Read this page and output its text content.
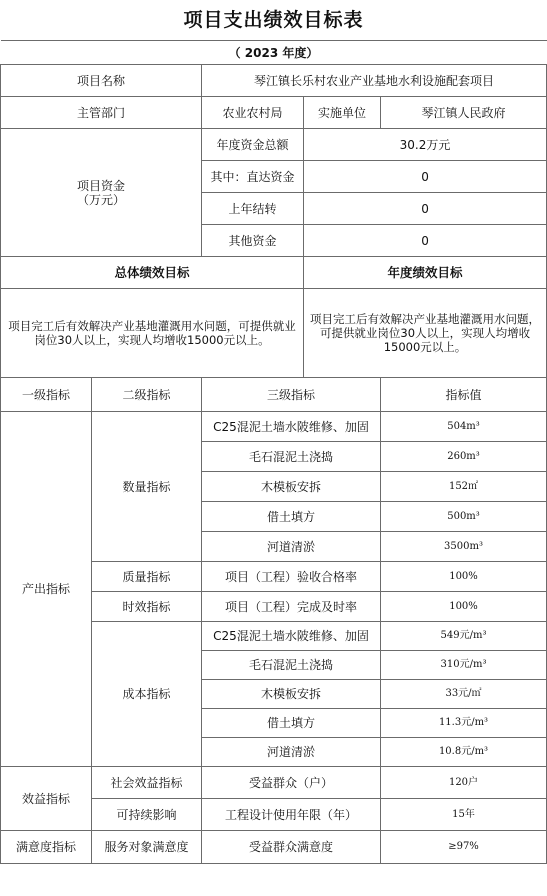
项目支出绩效目标表
（ 2023 年度）				
项目名称		琴江镇长乐村农业产业基地水利设施配套项目		
主管部门		农业农村局	实施单位	琴江镇人民政府
项目资金
（万元）		年度资金总额	30.2万元	
		其中：直达资金	0	
		上年结转	0	
		其他资金	0	
总体绩效目标			年度绩效目标	
项目完工后有效解决产业基地灌溉用水问题，可提供就业岗位30人以上，实现人均增收15000元以上。			项目完工后有效解决产业基地灌溉用水问题，可提供就业岗位30人以上，实现人均增收15000元以上。	
一级指标	二级指标	三级指标		指标值
产出指标	数量指标	C25混泥土墙水陂维修、加固		504m³
		毛石混泥土浇捣		260m³
		木模板安拆		152㎡
		借土填方		500m³
		河道清淤		3500m³
	质量指标	项目（工程）验收合格率		100%
	时效指标	项目（工程）完成及时率		100%
	成本指标	C25混泥土墙水陂维修、加固		549元/m³
		毛石混泥土浇捣		310元/m³
		木模板安拆		33元/㎡
		借土填方		11.3元/m³
		河道清淤		10.8元/m³
效益指标	社会效益指标	受益群众（户）		120户
	可持续影响	工程设计使用年限（年）		15年
满意度指标	服务对象满意度	受益群众满意度		≥97%
